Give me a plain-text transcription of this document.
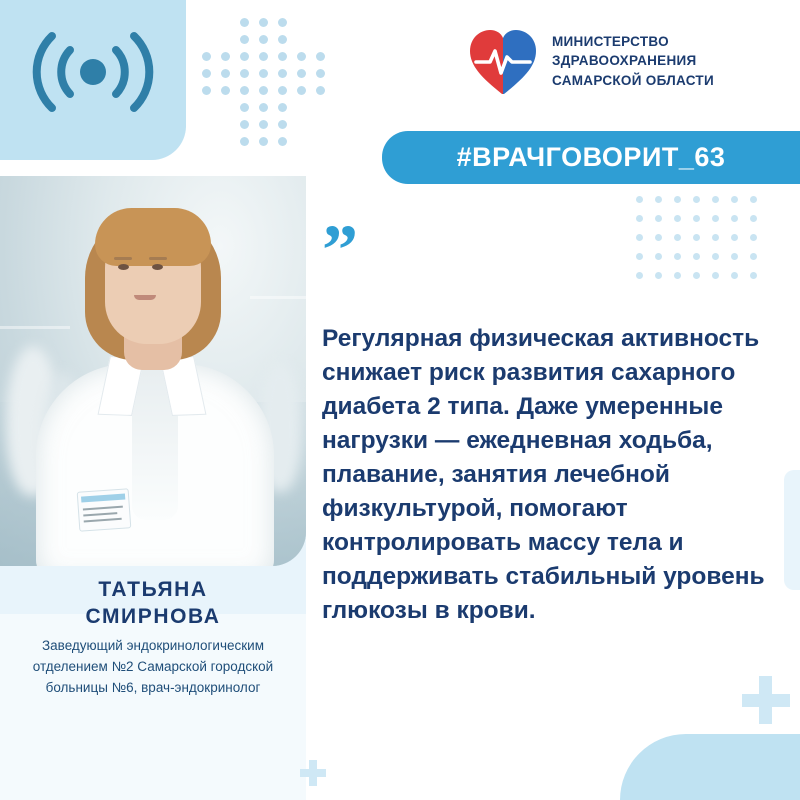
МИНИСТЕРСТВО
ЗДРАВООХРАНЕНИЯ
САМАРСКОЙ ОБЛАСТИ
#ВРАЧГОВОРИТ_63
”
Регулярная физическая активность снижает риск развития сахарного диабета 2 типа. Даже умеренные нагрузки — ежедневная ходьба, плавание, занятия лечебной физкультурой, помогают контролировать массу тела и поддерживать стабильный уровень глюкозы в крови.
ТАТЬЯНА
СМИРНОВА
Заведующий эндокринологическим отделением №2 Самарской городской больницы №6, врач-эндокринолог
